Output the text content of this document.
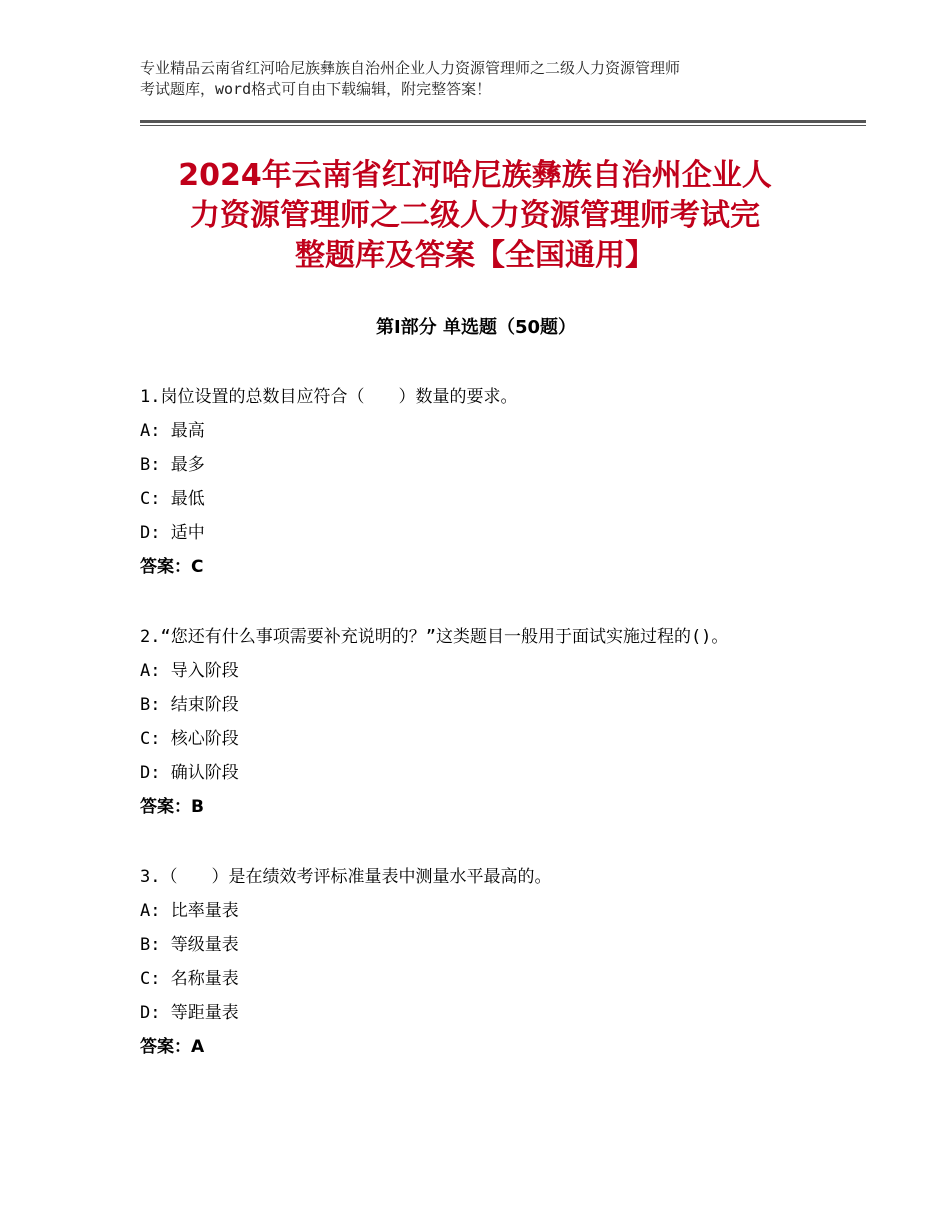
专业精品云南省红河哈尼族彝族自治州企业人力资源管理师之二级人力资源管理师
考试题库，word格式可自由下载编辑，附完整答案！
2024年云南省红河哈尼族彝族自治州企业人
力资源管理师之二级人力资源管理师考试完
整题库及答案【全国通用】
第Ⅰ部分 单选题（50题）
1.岗位设置的总数目应符合（　　）数量的要求。
A: 最高
B: 最多
C: 最低
D: 适中
答案：C
2.“您还有什么事项需要补充说明的？”这类题目一般用于面试实施过程的()。
A: 导入阶段
B: 结束阶段
C: 核心阶段
D: 确认阶段
答案：B
3.（　　）是在绩效考评标准量表中测量水平最高的。
A: 比率量表
B: 等级量表
C: 名称量表
D: 等距量表
答案：A
